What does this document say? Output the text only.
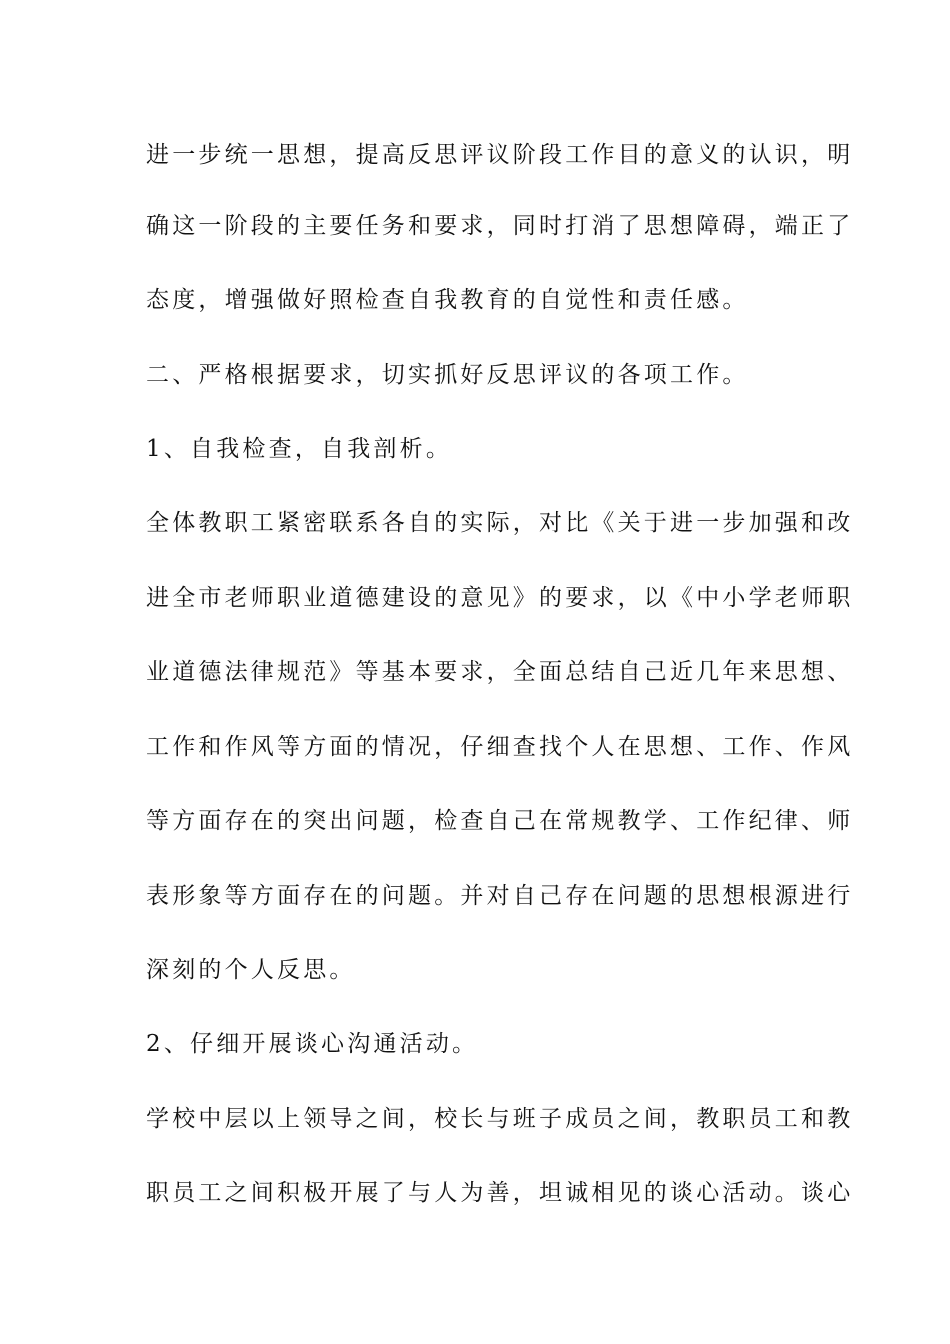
进一步统一思想，提高反思评议阶段工作目的意义的认识，明
确这一阶段的主要任务和要求，同时打消了思想障碍，端正了
态度，增强做好照检查自我教育的自觉性和责任感。
二、严格根据要求，切实抓好反思评议的各项工作。
1、自我检查，自我剖析。
全体教职工紧密联系各自的实际，对比《关于进一步加强和改
进全市老师职业道德建设的意见》的要求，以《中小学老师职
业道德法律规范》等基本要求，全面总结自己近几年来思想、
工作和作风等方面的情况，仔细查找个人在思想、工作、作风
等方面存在的突出问题，检查自己在常规教学、工作纪律、师
表形象等方面存在的问题。并对自己存在问题的思想根源进行
深刻的个人反思。
2、仔细开展谈心沟通活动。
学校中层以上领导之间，校长与班子成员之间，教职员工和教
职员工之间积极开展了与人为善，坦诚相见的谈心活动。谈心
